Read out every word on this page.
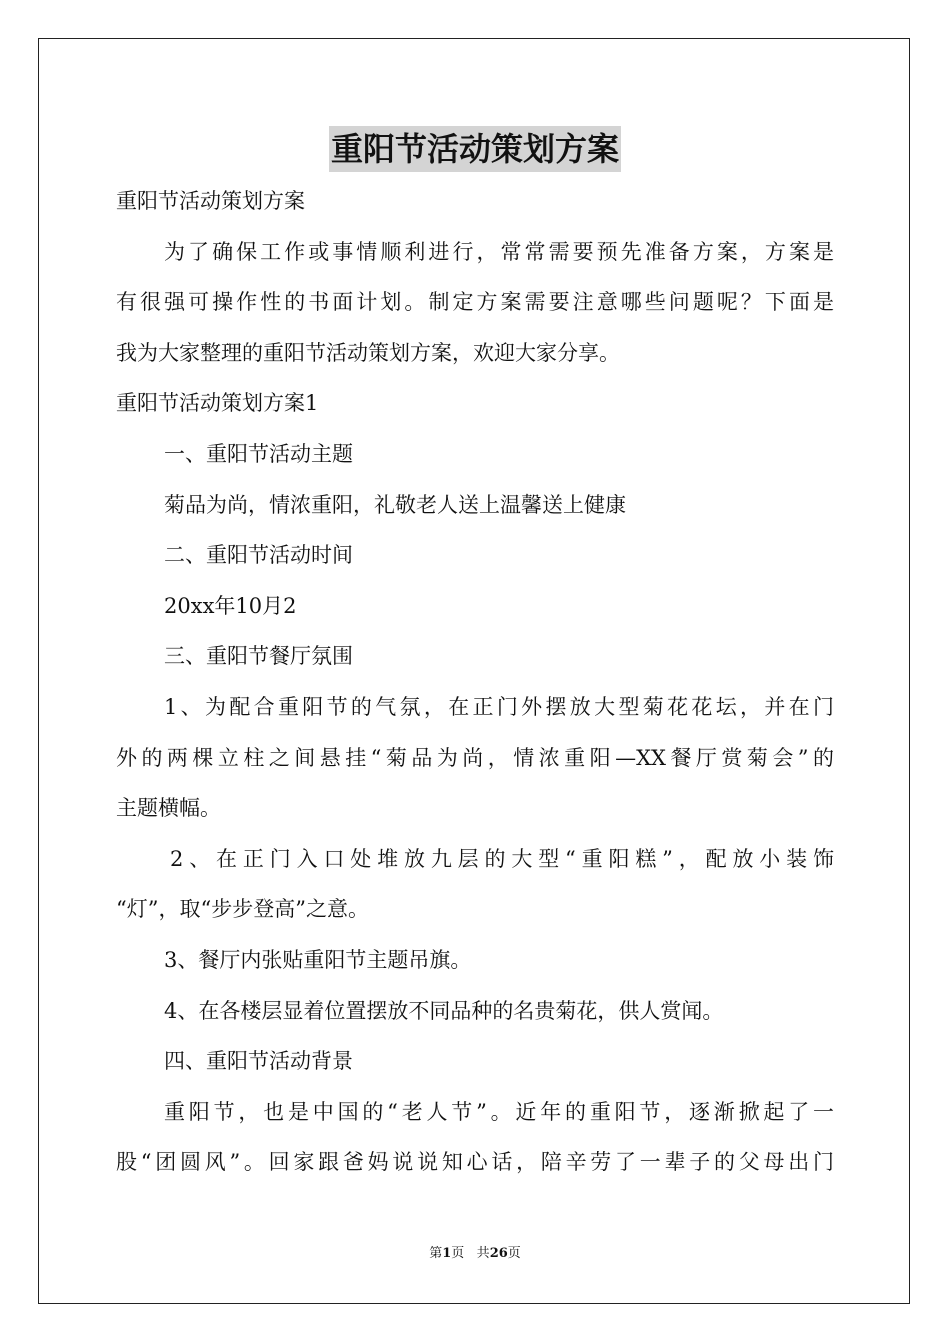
重阳节活动策划方案
重阳节活动策划方案
为了确保工作或事情顺利进行，常常需要预先准备方案，方案是
有很强可操作性的书面计划。制定方案需要注意哪些问题呢？下面是
我为大家整理的重阳节活动策划方案，欢迎大家分享。
重阳节活动策划方案1
一、重阳节活动主题
菊品为尚，情浓重阳，礼敬老人送上温馨送上健康
二、重阳节活动时间
20xx年10月2
三、重阳节餐厅氛围
1、为配合重阳节的气氛，在正门外摆放大型菊花花坛，并在门
外的两棵立柱之间悬挂“菊品为尚，情浓重阳—XX餐厅赏菊会”的
主题横幅。
2、在正门入口处堆放九层的大型“重阳糕”，配放小装饰
“灯”，取“步步登高”之意。
3、餐厅内张贴重阳节主题吊旗。
4、在各楼层显着位置摆放不同品种的名贵菊花，供人赏闻。
四、重阳节活动背景
重阳节，也是中国的“老人节”。近年的重阳节，逐渐掀起了一
股“团圆风”。回家跟爸妈说说知心话，陪辛劳了一辈子的父母出门
第1页 共26页
